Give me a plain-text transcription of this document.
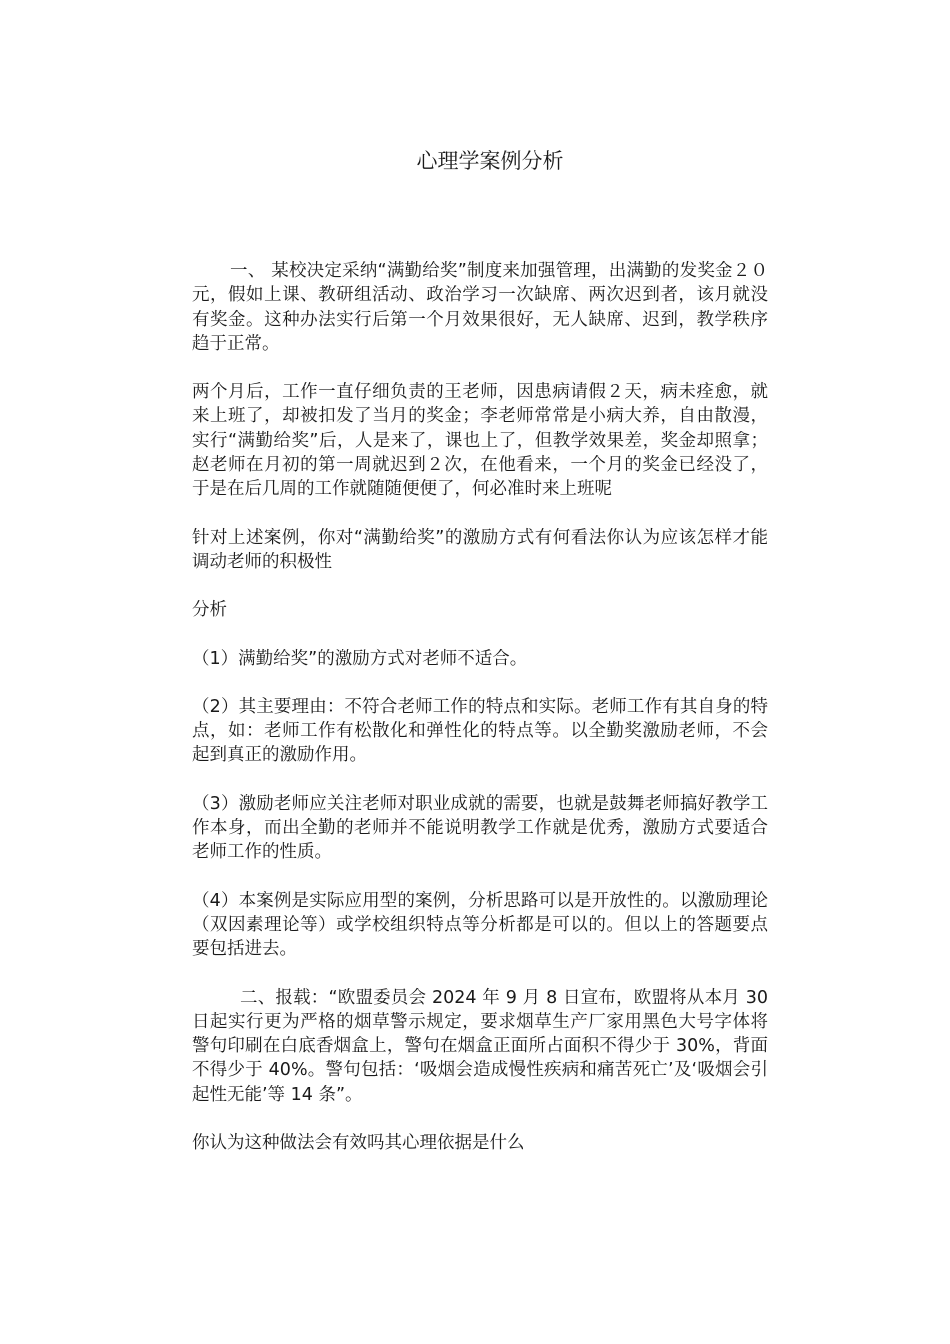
心理学案例分析

一、 某校决定采纳“满勤给奖”制度来加强管理，出满勤的发奖金２０元，假如上课、教研组活动、政治学习一次缺席、两次迟到者，该月就没有奖金。这种办法实行后第一个月效果很好，无人缺席、迟到，教学秩序趋于正常。

两个月后，工作一直仔细负责的王老师，因患病请假２天，病未痊愈，就来上班了，却被扣发了当月的奖金；李老师常常是小病大养，自由散漫，实行“满勤给奖”后，人是来了，课也上了，但教学效果差，奖金却照拿；赵老师在月初的第一周就迟到２次，在他看来，一个月的奖金已经没了，于是在后几周的工作就随随便便了，何必准时来上班呢

针对上述案例，你对“满勤给奖”的激励方式有何看法你认为应该怎样才能调动老师的积极性

分析

（1）满勤给奖”的激励方式对老师不适合。

（2）其主要理由：不符合老师工作的特点和实际。老师工作有其自身的特点，如：老师工作有松散化和弹性化的特点等。以全勤奖激励老师，不会起到真正的激励作用。

（3）激励老师应关注老师对职业成就的需要，也就是鼓舞老师搞好教学工作本身，而出全勤的老师并不能说明教学工作就是优秀，激励方式要适合老师工作的性质。

（4）本案例是实际应用型的案例，分析思路可以是开放性的。以激励理论（双因素理论等）或学校组织特点等分析都是可以的。但以上的答题要点要包括进去。

二、报载：“欧盟委员会 2024 年 9 月 8 日宣布，欧盟将从本月 30 日起实行更为严格的烟草警示规定，要求烟草生产厂家用黑色大号字体将警句印刷在白底香烟盒上，警句在烟盒正面所占面积不得少于 30%，背面不得少于 40%。警句包括：‘吸烟会造成慢性疾病和痛苦死亡’及‘吸烟会引起性无能’等 14 条”。

你认为这种做法会有效吗其心理依据是什么
